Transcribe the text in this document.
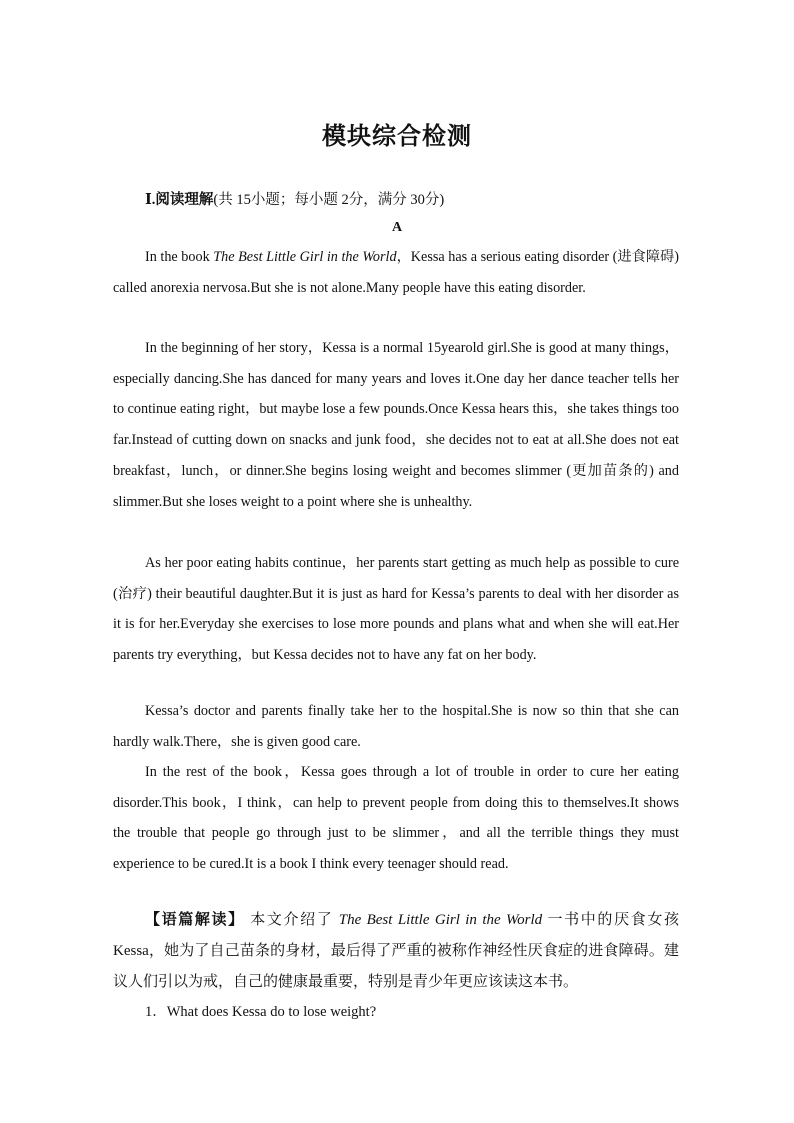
模块综合检测
Ⅰ.阅读理解(共 15小题；每小题 2分，满分 30分)
A

In the book The Best Little Girl in the World，Kessa has a serious eating disorder (进食障碍) called anorexia nervosa.But she is not alone.Many people have this eating disorder.

In the beginning of her story，Kessa is a normal 15yearold girl.She is good at many things，especially dancing.She has danced for many years and loves it.One day her dance teacher tells her to continue eating right，but maybe lose a few pounds.Once Kessa hears this，she takes things too far.Instead of cutting down on snacks and junk food，she decides not to eat at all.She does not eat breakfast，lunch，or dinner.She begins losing weight and becomes slimmer (更加苗条的) and slimmer.But she loses weight to a point where she is unhealthy.

As her poor eating habits continue，her parents start getting as much help as possible to cure (治疗) their beautiful daughter.But it is just as hard for Kessa’s parents to deal with her disorder as it is for her.Everyday she exercises to lose more pounds and plans what and when she will eat.Her parents try everything，but Kessa decides not to have any fat on her body.

Kessa’s doctor and parents finally take her to the hospital.She is now so thin that she can hardly walk.There，she is given good care.

In the rest of the book，Kessa goes through a lot of trouble in order to cure her eating disorder.This book，I think，can help to prevent people from doing this to themselves.It shows the trouble that people go through just to be slimmer，and all the terrible things they must experience to be cured.It is a book I think every teenager should read.

【语篇解读】 本文介绍了 The Best Little Girl in the World 一书中的厌食女孩 Kessa，她为了自己苗条的身材，最后得了严重的被称作神经性厌食症的进食障碍。建议人们引以为戒，自己的健康最重要，特别是青少年更应该读这本书。

1．What does Kessa do to lose weight?
